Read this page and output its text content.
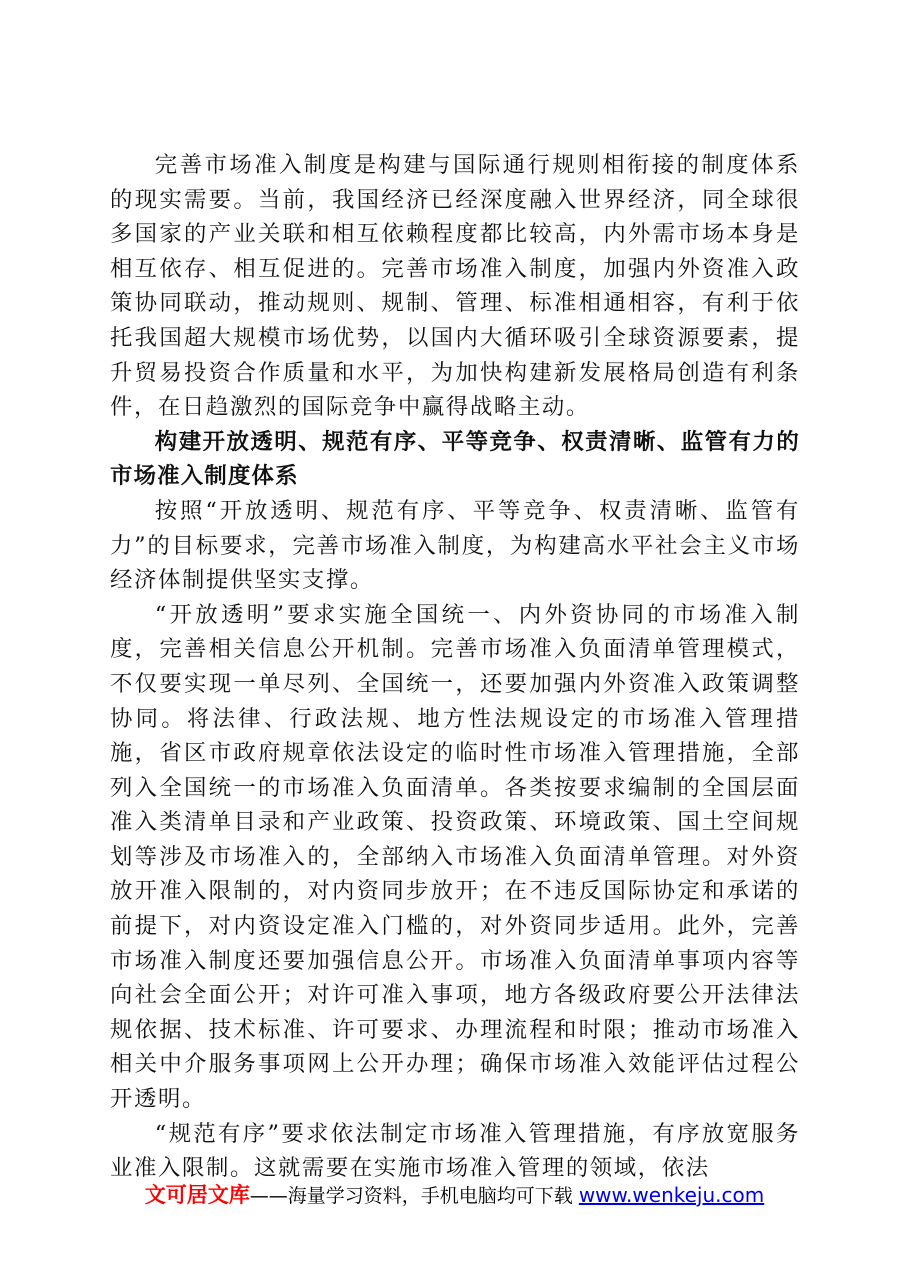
完善市场准入制度是构建与国际通行规则相衔接的制度体系的现实需要。当前，我国经济已经深度融入世界经济，同全球很多国家的产业关联和相互依赖程度都比较高，内外需市场本身是相互依存、相互促进的。完善市场准入制度，加强内外资准入政策协同联动，推动规则、规制、管理、标准相通相容，有利于依托我国超大规模市场优势，以国内大循环吸引全球资源要素，提升贸易投资合作质量和水平，为加快构建新发展格局创造有利条件，在日趋激烈的国际竞争中赢得战略主动。

构建开放透明、规范有序、平等竞争、权责清晰、监管有力的市场准入制度体系

按照“开放透明、规范有序、平等竞争、权责清晰、监管有力”的目标要求，完善市场准入制度，为构建高水平社会主义市场经济体制提供坚实支撑。

“开放透明”要求实施全国统一、内外资协同的市场准入制度，完善相关信息公开机制。完善市场准入负面清单管理模式，不仅要实现一单尽列、全国统一，还要加强内外资准入政策调整协同。将法律、行政法规、地方性法规设定的市场准入管理措施，省区市政府规章依法设定的临时性市场准入管理措施，全部列入全国统一的市场准入负面清单。各类按要求编制的全国层面准入类清单目录和产业政策、投资政策、环境政策、国土空间规划等涉及市场准入的，全部纳入市场准入负面清单管理。对外资放开准入限制的，对内资同步放开；在不违反国际协定和承诺的前提下，对内资设定准入门槛的，对外资同步适用。此外，完善市场准入制度还要加强信息公开。市场准入负面清单事项内容等向社会全面公开；对许可准入事项，地方各级政府要公开法律法规依据、技术标准、许可要求、办理流程和时限；推动市场准入相关中介服务事项网上公开办理；确保市场准入效能评估过程公开透明。

“规范有序”要求依法制定市场准入管理措施，有序放宽服务业准入限制。这就需要在实施市场准入管理的领域，依法

文可居文库——海量学习资料，手机电脑均可下载 www.wenkeju.com
